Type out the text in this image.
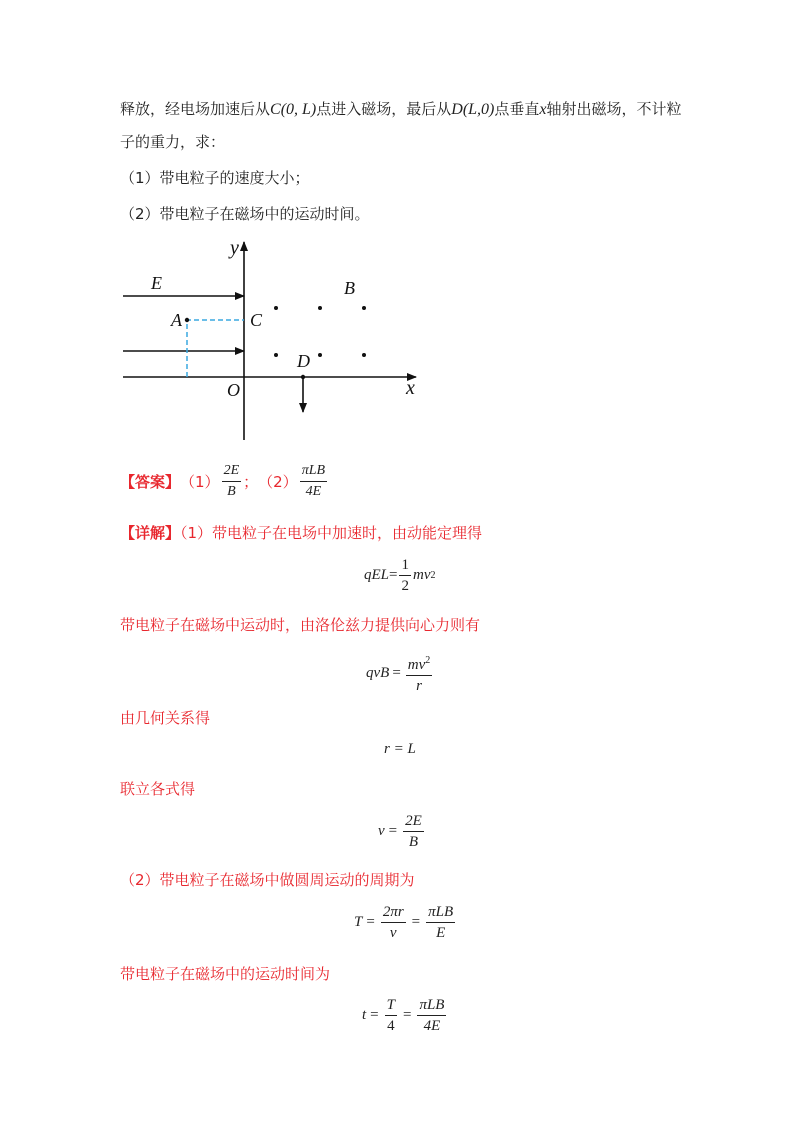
释放，经电场加速后从C(0, L)点进入磁场，最后从D(L,0)点垂直x轴射出磁场，不计粒
子的重力，求：
（1）带电粒子的速度大小；
（2）带电粒子在磁场中的运动时间。
y
x
O
E	B
A	C
D
【答案】 $(1) \frac{2E}{B}$ ； $(2) \frac{\text{πLB}}{4E}$
【详解】（1）带电粒子在电场中加速时，由动能定理得
qEL = $\frac{1}{2}$ mv 2
带电粒子在磁场中运动时，由洛伦兹力提供向心力则有
qvB = $\frac{mv^2}{r}$
由几何关系得
r = L
联立各式得
$v = \frac{2E}{B}$
（2）带电粒子在磁场中做圆周运动的周期为
$T = \frac{2\pi r}{v} = \frac{\text{πLB}}{E}$
带电粒子在磁场中的运动时间为
$t = \frac{T}{4} = \frac{\text{πLB}}{4E}$
